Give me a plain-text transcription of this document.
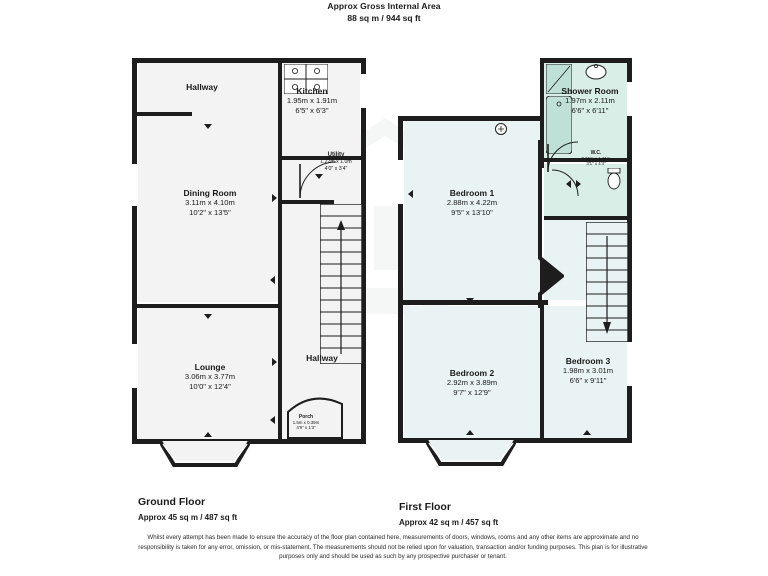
Approx Gross Internal Area
88 sq m / 944 sq ft
Hallway	Kitchen
1.95m x 1.91m
6'5" x 6'3"
Utility
1.22m x 1.0m
4'0" x 3'4"
Dining Room
3.11m x 4.10m
10'2" x 13'5"
Lounge
3.06m x 3.77m
10'0" x 12'4"
Hallway
Porch
1.5m x 0.39m
4'9" x 1'3"
Shower Room
1.97m x 2.11m
6'6" x 6'11"
W.C.
0.95m x 1.31m
3'1" x 4'4"
Bedroom 1
2.88m x 4.22m
9'5" x 13'10"
Bedroom 2
2.92m x 3.89m
9'7" x 12'9"
Bedroom 3
1.98m x 3.01m
6'6" x 9'11"
Ground Floor
Approx 45 sq m / 487 sq ft
First Floor
Approx 42 sq m / 457 sq ft
Whilst every attempt has been made to ensure the accuracy of the floor plan contained here, measurements of doors, windows, rooms and any other items are approximate and no responsibility is taken for any error, omission, or mis-statement. The measurements should not be relied upon for valuation, transaction and/or funding purposes. This plan is for illustrative purposes only and should be used as such by any prospective purchaser or tenant.
